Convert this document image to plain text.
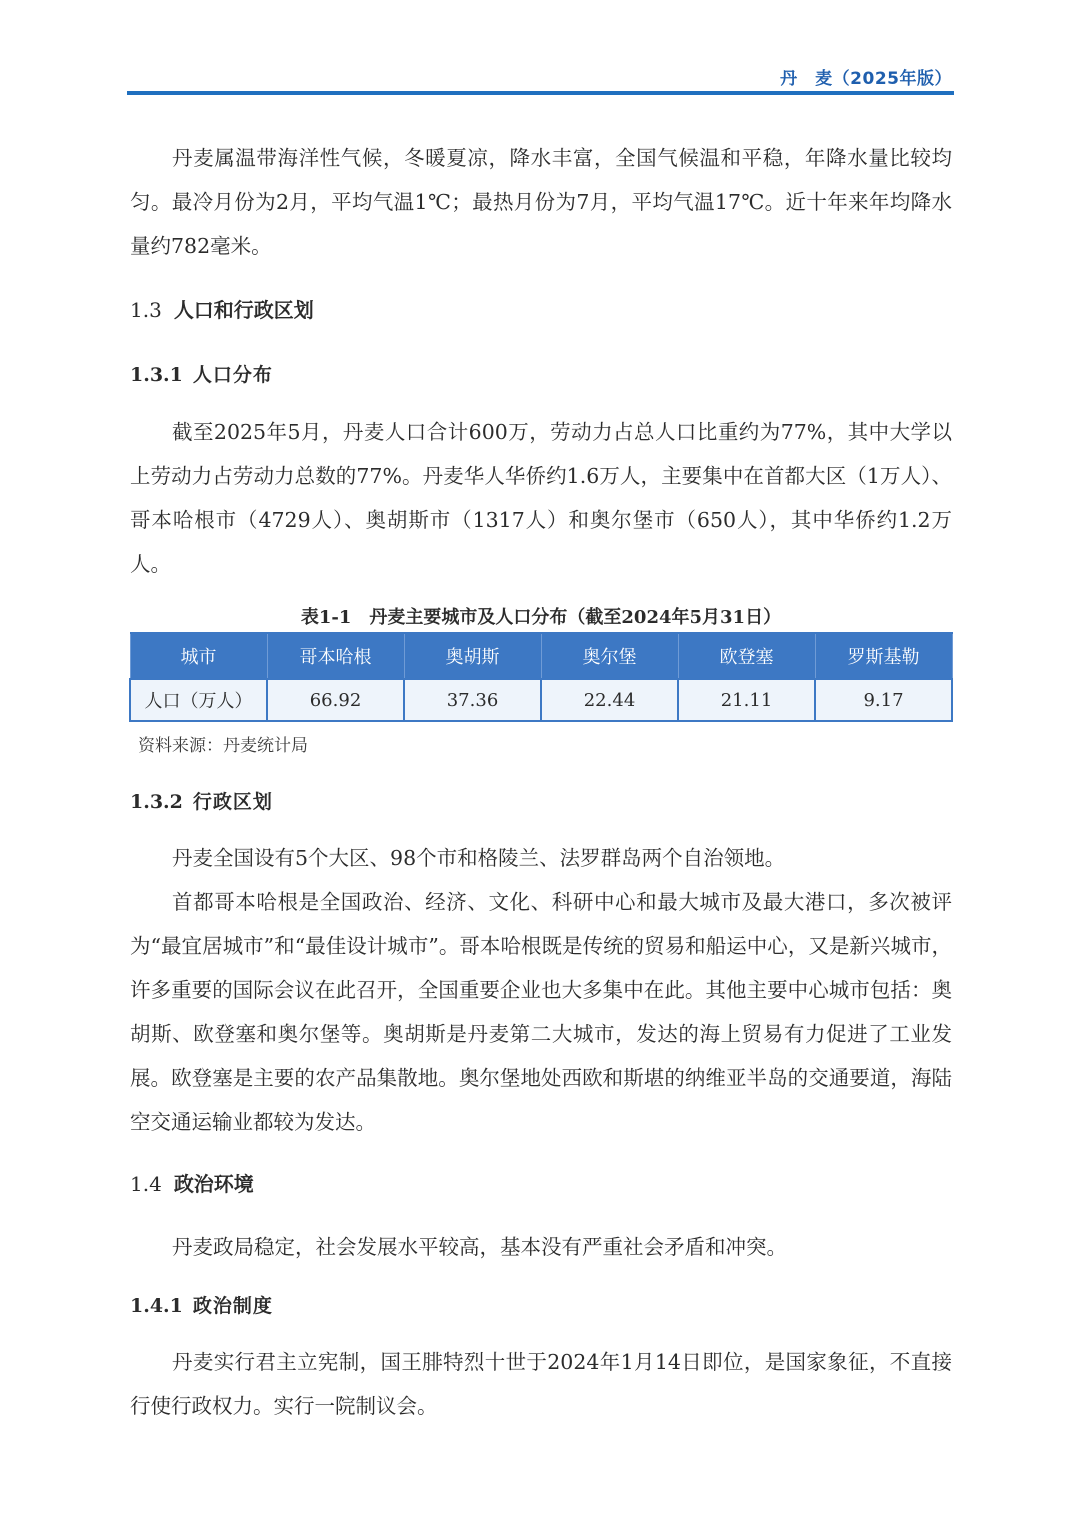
丹　麦（2025年版）

丹麦属温带海洋性气候，冬暖夏凉，降水丰富，全国气候温和平稳，年降水量比较均匀。最冷月份为2月，平均气温1℃；最热月份为7月，平均气温17℃。近十年来年均降水量约782毫米。

1.3 人口和行政区划
1.3.1 人口分布

截至2025年5月，丹麦人口合计600万，劳动力占总人口比重约为77%，其中大学以上劳动力占劳动力总数的77%。丹麦华人华侨约1.6万人，主要集中在首都大区（1万人）、哥本哈根市（4729人）、奥胡斯市（1317人）和奥尔堡市（650人），其中华侨约1.2万人。

表1-1　丹麦主要城市及人口分布（截至2024年5月31日）
城市	哥本哈根	奥胡斯	奥尔堡	欧登塞	罗斯基勒
人口（万人）	66.92	37.36	22.44	21.11	9.17
资料来源：丹麦统计局
1.3.2 行政区划

丹麦全国设有5个大区、98个市和格陵兰、法罗群岛两个自治领地。

首都哥本哈根是全国政治、经济、文化、科研中心和最大城市及最大港口，多次被评为“最宜居城市”和“最佳设计城市”。哥本哈根既是传统的贸易和船运中心，又是新兴城市，许多重要的国际会议在此召开，全国重要企业也大多集中在此。其他主要中心城市包括：奥胡斯、欧登塞和奥尔堡等。奥胡斯是丹麦第二大城市，发达的海上贸易有力促进了工业发展。欧登塞是主要的农产品集散地。奥尔堡地处西欧和斯堪的纳维亚半岛的交通要道，海陆空交通运输业都较为发达。

1.4 政治环境

丹麦政局稳定，社会发展水平较高，基本没有严重社会矛盾和冲突。

1.4.1 政治制度

丹麦实行君主立宪制，国王腓特烈十世于2024年1月14日即位，是国家象征，不直接行使行政权力。实行一院制议会。
